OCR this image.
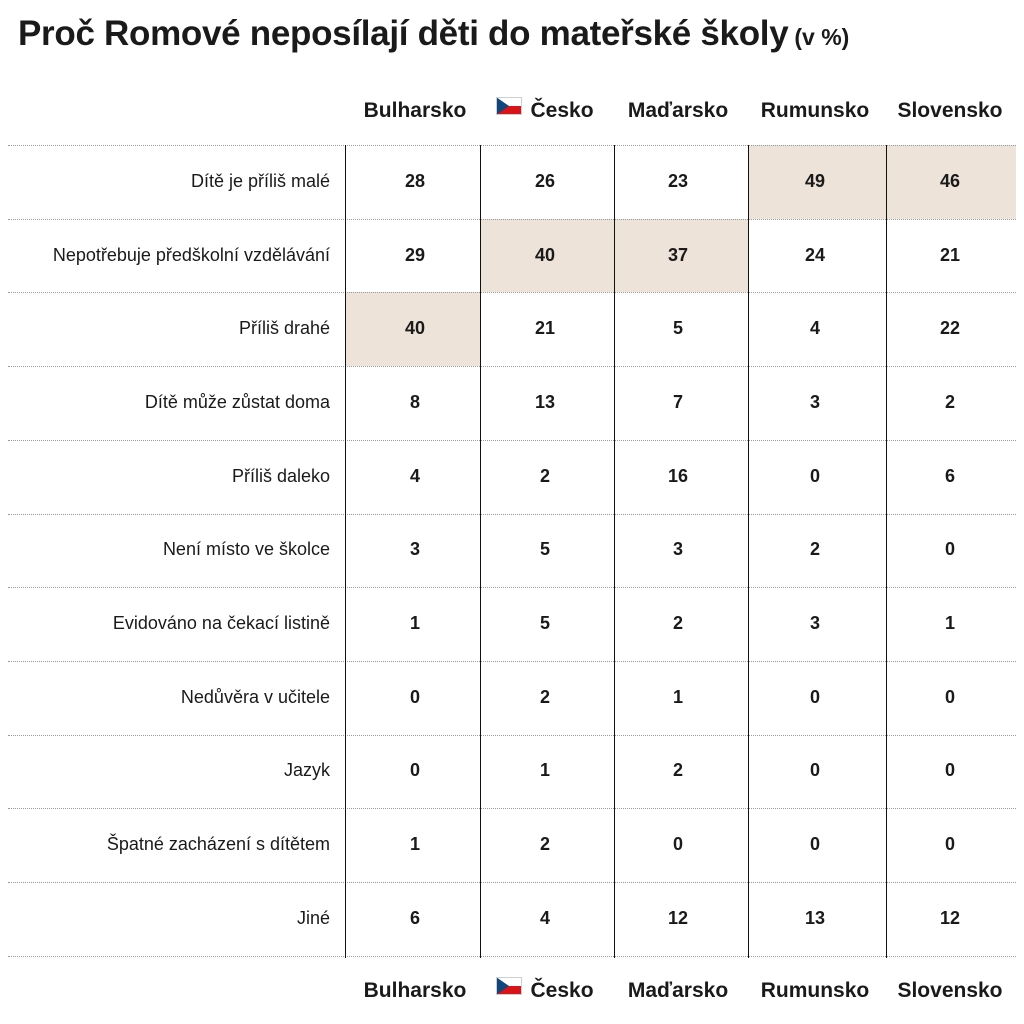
Proč Romové neposílají děti do mateřské školy (v %)
Bulharsko	Česko	Maďarsko	Rumunsko	Slovensko
Bulharsko	Česko	Maďarsko	Rumunsko	Slovensko
Dítě je příliš malé	28	26	23	49	46
Nepotřebuje předškolní vzdělávání	29	40	37	24	21
Příliš drahé	40	21	5	4	22
Dítě může zůstat doma	8	13	7	3	2
Příliš daleko	4	2	16	0	6
Není místo ve školce	3	5	3	2	0
Evidováno na čekací listině	1	5	2	3	1
Nedůvěra v učitele	0	2	1	0	0
Jazyk	0	1	2	0	0
Špatné zacházení s dítětem	1	2	0	0	0
Jiné	6	4	12	13	12
